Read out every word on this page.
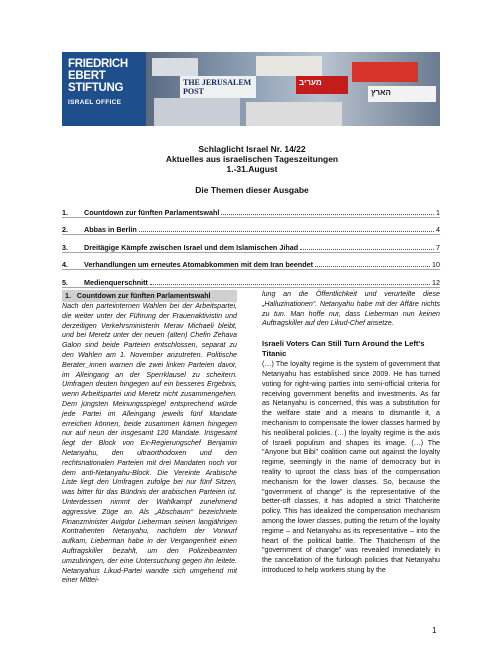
FRIEDRICH
EBERT
STIFTUNG
ISRAEL OFFICE
THE JERUSALEM POST
מעריב
הארץ
Schlaglicht Israel Nr. 14/22
Aktuelles aus israelischen Tageszeitungen
1.-31.August
Die Themen dieser Ausgabe
1.	Countdown zur fünften Parlamentswahl	1
2.	Abbas in Berlin	4
3.	Dreitägige Kämpfe zwischen Israel und dem Islamischen Jihad	7
4.	Verhandlungen um erneutes Atomabkommen mit dem Iran beendet	10
5.	Medienquerschnitt	12
1. Countdown zur fünften Parlamentswahl

Nach den parteiinternen Wahlen bei der Arbeitspartei, die weiter unter der Führung der Frauenaktivistin und derzeitigen Verkehrsministerin Merav Michaeli bleibt, und bei Meretz unter der neuen (alten) Chefin Zehava Galon sind beide Parteien entschlossen, separat zu den Wahlen am 1. November anzutreten. Politische Berater_innen warnen die zwei linken Parteien davor, im Alleingang an der Sperrklausel zu scheitern. Umfragen deuten hingegen auf ein besseres Ergebnis, wenn Arbeitspartei und Meretz nicht zusammengehen. Dem jüngsten Meinungsspiegel entsprechend würde jede Partei im Alleingang jeweils fünf Mandate erreichen können, beide zusammen kämen hingegen nur auf neun der insgesamt 120 Mandate. Insgesamt liegt der Block von Ex-Regierungschef Benjamin Netanyahu, den ultraorthodoxen und den rechtsnationalen Parteien mit drei Mandaten noch vor dem anti-Netanyahu-Block. Die Vereinte Arabische Liste liegt den Umfragen zufolge bei nur fünf Sitzen, was bitter für das Bündnis der arabischen Parteien ist. Unterdessen nimmt der Wahlkampf zunehmend aggressive Züge an. Als „Abschaum“ bezeichnete Finanzminister Avigdor Lieberman seinen langjährigen Kontrahenten Netanyahu, nachdem der Vorwurf aufkam, Lieberman habe in der Vergangenheit einen Auftragskiller bezahlt, um den Polizeibeamten umzubringen, der eine Untersuchung gegen ihn leitete. Netanyahus Likud-Partei wandte sich umgehend mit einer Mittei-

lung an die Öffentlichkeit und verurteilte diese „Halluzinationen“. Netanyahu habe mit der Affäre nichts zu tun. Man hoffe nur, dass Lieberman nun keinen Auftragskiller auf den Likud-Chef ansetze.

Israeli Voters Can Still Turn Around the Left's Titanic

(…) The loyalty regime is the system of government that Netanyahu has established since 2009. He has turned voting for right-wing parties into semi-official criteria for receiving government benefits and investments. As far as Netanyahu is concerned, this was a substitution for the welfare state and a means to dismantle it, a mechanism to compensate the lower classes harmed by his neoliberal policies. (…) the loyalty regime is the axis of Israeli populism and shapes its image. (…) The "Anyone but Bibi" coalition came out against the loyalty regime, seemingly in the name of democracy but in reality to uproot the class bias of the compensation mechanism for the lower classes. So, because the "government of change" is the representative of the better-off classes, it has adopted a strict Thatcherite policy. This has idealized the compensation mechanism among the lower classes, putting the return of the loyalty regime – and Netanyahu as its representative – into the heart of the political battle. The Thatcherism of the "government of change" was revealed immediately in the cancellation of the furlough policies that Netanyahu introduced to help workers stung by the

1
